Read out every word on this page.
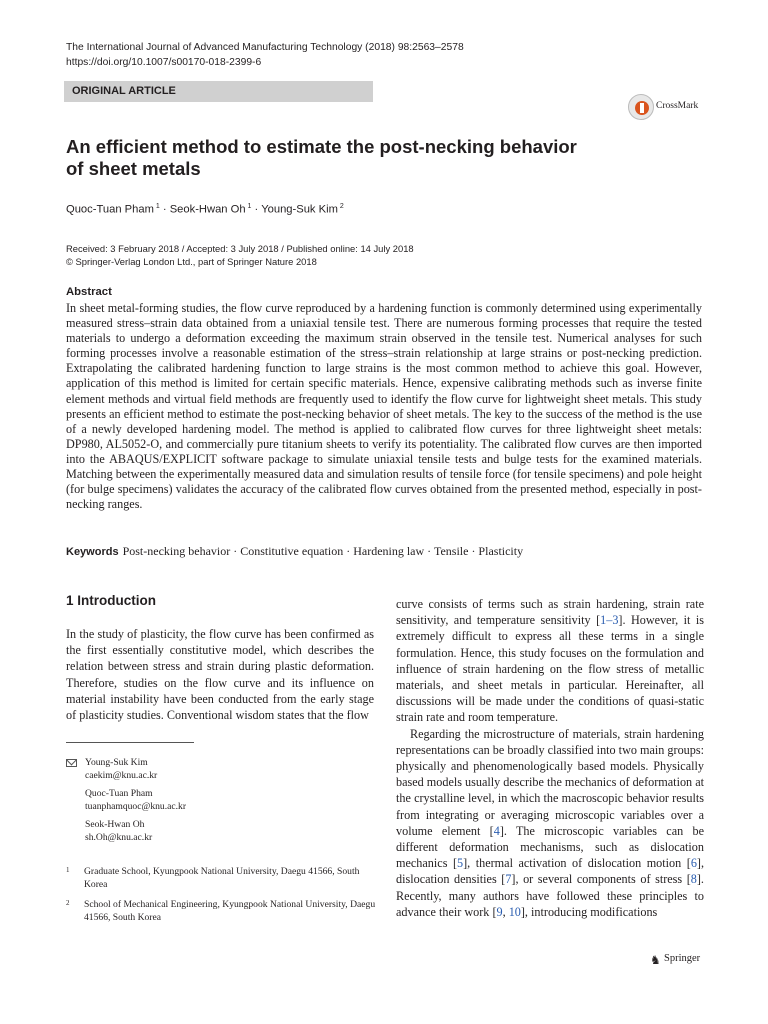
The International Journal of Advanced Manufacturing Technology (2018) 98:2563–2578
https://doi.org/10.1007/s00170-018-2399-6
ORIGINAL ARTICLE
CrossMark
An efficient method to estimate the post-necking behavior of sheet metals
Quoc-Tuan Pham $^1$ · Seok-Hwan Oh $^1$ · Young-Suk Kim $^2$
Received: 3 February 2018 / Accepted: 3 July 2018 / Published online: 14 July 2018
© Springer-Verlag London Ltd., part of Springer Nature 2018
Abstract
In sheet metal-forming studies, the flow curve reproduced by a hardening function is commonly determined using experimentally measured stress–strain data obtained from a uniaxial tensile test. There are numerous forming processes that require the tested materials to undergo a deformation exceeding the maximum strain observed in the tensile test. Numerical analyses for such forming processes involve a reasonable estimation of the stress–strain relationship at large strains or post-necking prediction. Extrapolating the calibrated hardening function to large strains is the most common method to achieve this goal. However, application of this method is limited for certain specific materials. Hence, expensive calibrating methods such as inverse finite element methods and virtual field methods are frequently used to identify the flow curve for lightweight sheet metals. This study presents an efficient method to estimate the post-necking behavior of sheet metals. The key to the success of the method is the use of a newly developed hardening model. The method is applied to calibrated flow curves for three lightweight sheet metals: DP980, AL5052-O, and commercially pure titanium sheets to verify its potentiality. The calibrated flow curves are then imported into the ABAQUS/EXPLICIT software package to simulate uniaxial tensile tests and bulge tests for the examined materials. Matching between the experimentally measured data and simulation results of tensile force (for tensile specimens) and pole height (for bulge specimens) validates the accuracy of the calibrated flow curves obtained from the presented method, especially in post-necking ranges.
Keywords Post-necking behavior · Constitutive equation · Hardening law · Tensile · Plasticity
1 Introduction
In the study of plasticity, the flow curve has been confirmed as the first essentially constitutive model, which describes the relation between stress and strain during plastic deformation. Therefore, studies on the flow curve and its influence on material instability have been conducted from the early stage of plasticity studies. Conventional wisdom states that the flow
curve consists of terms such as strain hardening, strain rate sensitivity, and temperature sensitivity [1–3]. However, it is extremely difficult to express all these terms in a single formulation. Hence, this study focuses on the formulation and influence of strain hardening on the flow stress of metallic materials, and sheet metals in particular. Hereinafter, all discussions will be made under the conditions of quasi-static strain rate and room temperature.
Regarding the microstructure of materials, strain hardening representations can be broadly classified into two main groups: physically and phenomenologically based models. Physically based models usually describe the mechanics of deformation at the crystalline level, in which the macroscopic behavior results from integrating or averaging microscopic variables over a volume element [4]. The microscopic variables can be different deformation mechanisms, such as dislocation mechanics [5], thermal activation of dislocation motion [6], dislocation densities [7], or several components of stress [8]. Recently, many authors have followed these principles to advance their work [9, 10], introducing modifications
Young-Suk Kim
caekim@knu.ac.kr
Quoc-Tuan Pham
tuanphamquoc@knu.ac.kr
Seok-Hwan Oh
sh.Oh@knu.ac.kr
1 Graduate School, Kyungpook National University, Daegu 41566, South Korea
2 School of Mechanical Engineering, Kyungpook National University, Daegu 41566, South Korea
♞ Springer
